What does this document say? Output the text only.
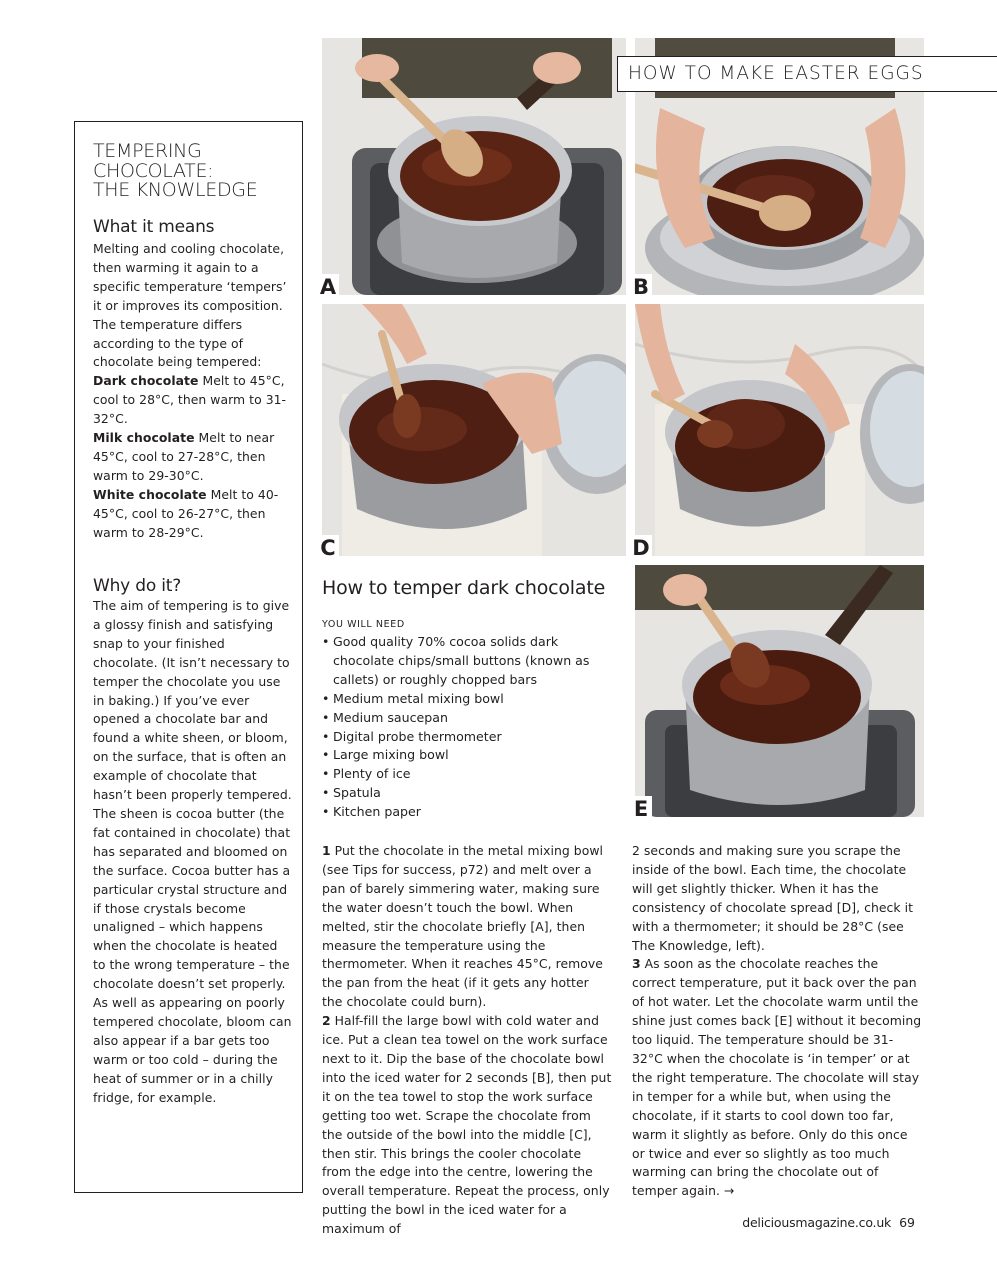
TEMPERING
CHOCOLATE:
THE KNOWLEDGE
What it means

Melting and cooling chocolate, then warming it again to a specific temperature ‘tempers’ it or improves its composition. The temperature differs according to the type of chocolate being tempered:

Dark chocolate Melt to 45°C, cool to 28°C, then warm to 31-32°C.

Milk chocolate Melt to near 45°C, cool to 27-28°C, then warm to 29-30°C.

White chocolate Melt to 40-45°C, cool to 26-27°C, then warm to 28-29°C.

Why do it?

The aim of tempering is to give a glossy finish and satisfying snap to your finished chocolate. (It isn’t necessary to temper the chocolate you use in baking.) If you’ve ever opened a chocolate bar and found a white sheen, or bloom, on the surface, that is often an example of chocolate that hasn’t been properly tempered. The sheen is cocoa butter (the fat contained in chocolate) that has separated and bloomed on the surface. Cocoa butter has a particular crystal structure and if those crystals become unaligned – which happens when the chocolate is heated to the wrong temperature – the chocolate doesn’t set properly. As well as appearing on poorly tempered chocolate, bloom can also appear if a bar gets too warm or too cold – during the heat of summer or in a chilly fridge, for example.

A	B
C	D
E
HOW TO MAKE EASTER EGGS
How to temper dark chocolate
YOU WILL NEED
• Good quality 70% cocoa solids dark chocolate chips/small buttons (known as callets) or roughly chopped bars
• Medium metal mixing bowl
• Medium saucepan
• Digital probe thermometer
• Large mixing bowl
• Plenty of ice
• Spatula
• Kitchen paper

1 Put the chocolate in the metal mixing bowl (see Tips for success, p72) and melt over a pan of barely simmering water, making sure the water doesn’t touch the bowl. When melted, stir the chocolate briefly [A], then measure the temperature using the thermometer. When it reaches 45°C, remove the pan from the heat (if it gets any hotter the chocolate could burn).

2 Half-fill the large bowl with cold water and ice. Put a clean tea towel on the work surface next to it. Dip the base of the chocolate bowl into the iced water for 2 seconds [B], then put it on the tea towel to stop the work surface getting too wet. Scrape the chocolate from the outside of the bowl into the middle [C], then stir. This brings the cooler chocolate from the edge into the centre, lowering the overall temperature. Repeat the process, only putting the bowl in the iced water for a maximum of

2 seconds and making sure you scrape the inside of the bowl. Each time, the chocolate will get slightly thicker. When it has the consistency of chocolate spread [D], check it with a thermometer; it should be 28°C (see The Knowledge, left).

3 As soon as the chocolate reaches the correct temperature, put it back over the pan of hot water. Let the chocolate warm until the shine just comes back [E] without it becoming too liquid. The temperature should be 31-32°C when the chocolate is ‘in temper’ or at the right temperature. The chocolate will stay in temper for a while but, when using the chocolate, if it starts to cool down too far, warm it slightly as before. Only do this once or twice and ever so slightly as too much warming can bring the chocolate out of temper again. →

deliciousmagazine.co.uk 69
